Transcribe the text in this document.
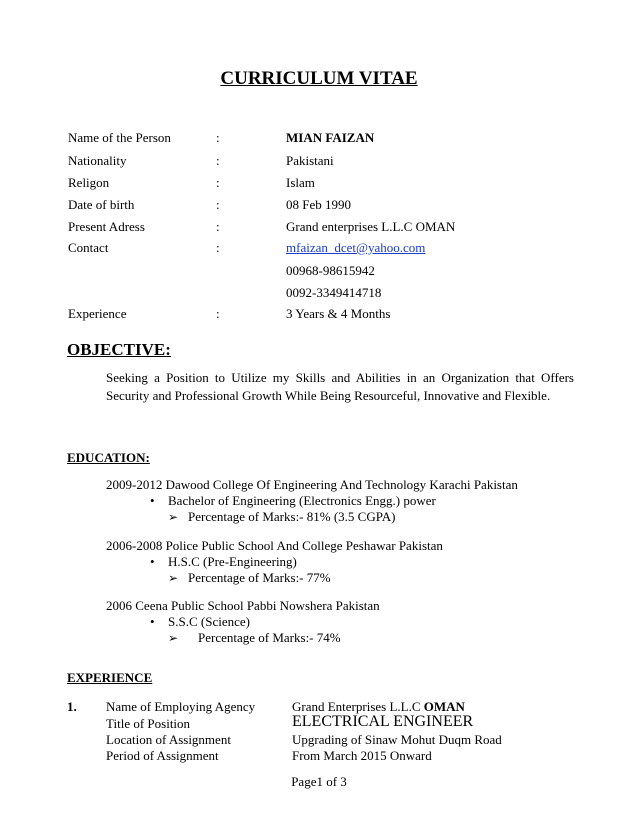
CURRICULUM VITAE
Name of the Person	:	MIAN FAIZAN
Nationality	:	Pakistani
Religon	:	Islam
Date of birth	:	08 Feb 1990
Present Adress	:	Grand enterprises L.L.C OMAN
Contact	:	mfaizan_dcet@yahoo.com
00968-98615942
0092-3349414718
Experience	:	3 Years & 4 Months
OBJECTIVE:
Seeking a Position to Utilize my Skills and Abilities in an Organization that Offers Security and Professional Growth While Being Resourceful, Innovative and Flexible.
EDUCATION:
2009-2012 Dawood College Of Engineering And Technology Karachi Pakistan
• Bachelor of Engineering (Electronics Engg.) power
➢ Percentage of Marks:- 81% (3.5 CGPA)
2006-2008 Police Public School And College Peshawar Pakistan
• H.S.C (Pre-Engineering)
➢ Percentage of Marks:- 77%
2006 Ceena Public School Pabbi Nowshera Pakistan
• S.S.C (Science)
➢ Percentage of Marks:- 74%
EXPERIENCE
1. Name of Employing Agency	Grand Enterprises L.L.C OMAN
Title of Position	ELECTRICAL ENGINEER
Location of Assignment	Upgrading of Sinaw Mohut Duqm Road
Period of Assignment	From March 2015 Onward
Page1 of 3
